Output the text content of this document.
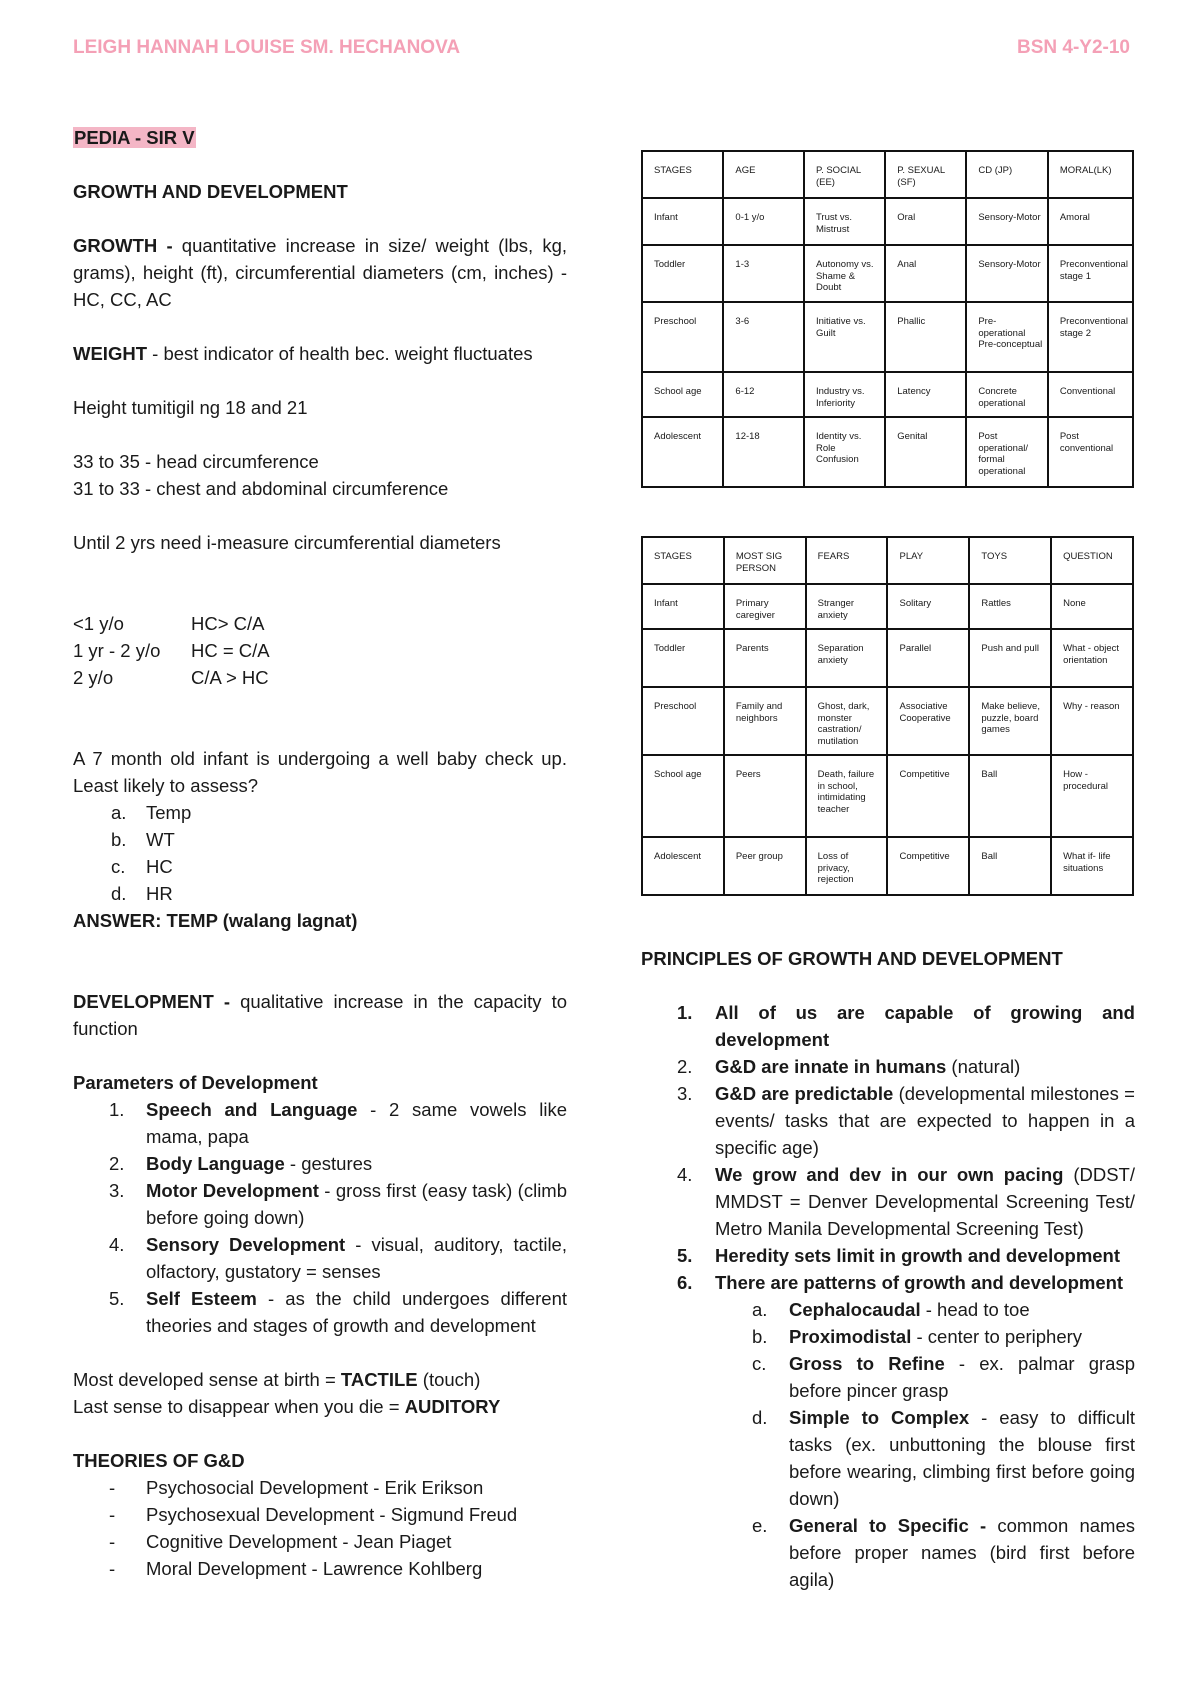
LEIGH HANNAH LOUISE SM. HECHANOVA	BSN 4-Y2-10

PEDIA - SIR V

GROWTH AND DEVELOPMENT

GROWTH - quantitative increase in size/ weight (lbs, kg, grams), height (ft), circumferential diameters (cm, inches) - HC, CC, AC

WEIGHT - best indicator of health bec. weight fluctuates

Height tumitigil ng 18 and 21

33 to 35 - head circumference

31 to 33 - chest and abdominal circumference

Until 2 yrs need i-measure circumferential diameters

<1 y/o	HC> C/A

1 yr - 2 y/o HC = C/A

2 y/o	C/A > HC

A 7 month old infant is undergoing a well baby check up. Least likely to assess?

a. Temp
b. WT
c. HC
d. HR

ANSWER: TEMP (walang lagnat)

DEVELOPMENT - qualitative increase in the capacity to function

Parameters of Development

1. Speech and Language - 2 same vowels like mama, papa
2. Body Language - gestures
3. Motor Development - gross first (easy task) (climb before going down)
4. Sensory Development - visual, auditory, tactile, olfactory, gustatory = senses
5. Self Esteem - as the child undergoes different theories and stages of growth and development

Most developed sense at birth = TACTILE (touch)

Last sense to disappear when you die = AUDITORY

THEORIES OF G&D

- Psychosocial Development - Erik Erikson
- Psychosexual Development - Sigmund Freud
- Cognitive Development - Jean Piaget
- Moral Development - Lawrence Kohlberg
STAGES	AGE	P. SOCIAL (EE)	P. SEXUAL (SF)	CD (JP)	MORAL(LK)
Infant	0-1 y/o	Trust vs. Mistrust	Oral	Sensory-Motor	Amoral
Toddler	1-3	Autonomy vs. Shame & Doubt	Anal	Sensory-Motor	Preconventional stage 1
Preschool	3-6	Initiative vs. Guilt	Phallic	Pre-operational Pre-conceptual	Preconventional stage 2
School age	6-12	Industry vs. Inferiority	Latency	Concrete operational	Conventional
Adolescent	12-18	Identity vs. Role Confusion	Genital	Post operational/ formal operational	Post conventional
STAGES	MOST SIG PERSON	FEARS	PLAY	TOYS	QUESTION
Infant	Primary caregiver	Stranger anxiety	Solitary	Rattles	None
Toddler	Parents	Separation anxiety	Parallel	Push and pull	What - object orientation
Preschool	Family and neighbors	Ghost, dark, monster castration/ mutilation	Associative Cooperative	Make believe, puzzle, board games	Why - reason
School age	Peers	Death, failure in school, intimidating teacher	Competitive	Ball	How - procedural
Adolescent	Peer group	Loss of privacy, rejection	Competitive	Ball	What if- life situations

PRINCIPLES OF GROWTH AND DEVELOPMENT

1. All of us are capable of growing and development
2. G&D are innate in humans (natural)
3. G&D are predictable (developmental milestones = events/ tasks that are expected to happen in a specific age)
4. We grow and dev in our own pacing (DDST/ MMDST = Denver Developmental Screening Test/ Metro Manila Developmental Screening Test)
5. Heredity sets limit in growth and development
6. There are patterns of growth and development
a. Cephalocaudal - head to toe
b. Proximodistal - center to periphery
c. Gross to Refine - ex. palmar grasp before pincer grasp
d. Simple to Complex - easy to difficult tasks (ex. unbuttoning the blouse first before wearing, climbing first before going down)
e. General to Specific - common names before proper names (bird first before agila)
